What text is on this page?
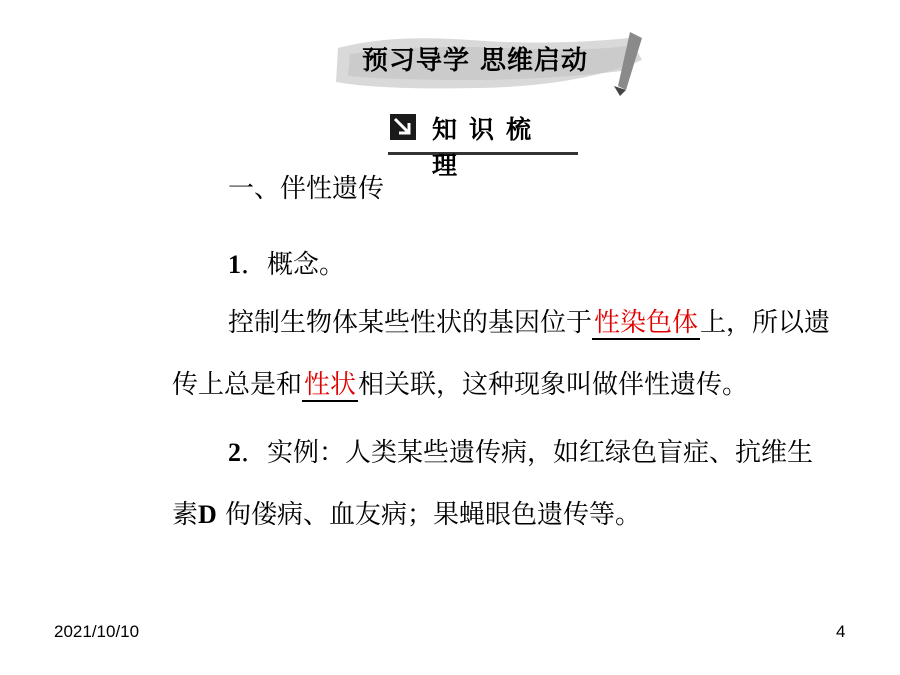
预习导学 思维启动
知识梳理
一、伴性遗传
1．概念。
控制生物体某些性状的基因位于性染色体上，所以遗
传上总是和性状相关联，这种现象叫做伴性遗传。
2．实例：人类某些遗传病，如红绿色盲症、抗维生
素D 佝偻病、血友病；果蝇眼色遗传等。
2021/10/10	4
